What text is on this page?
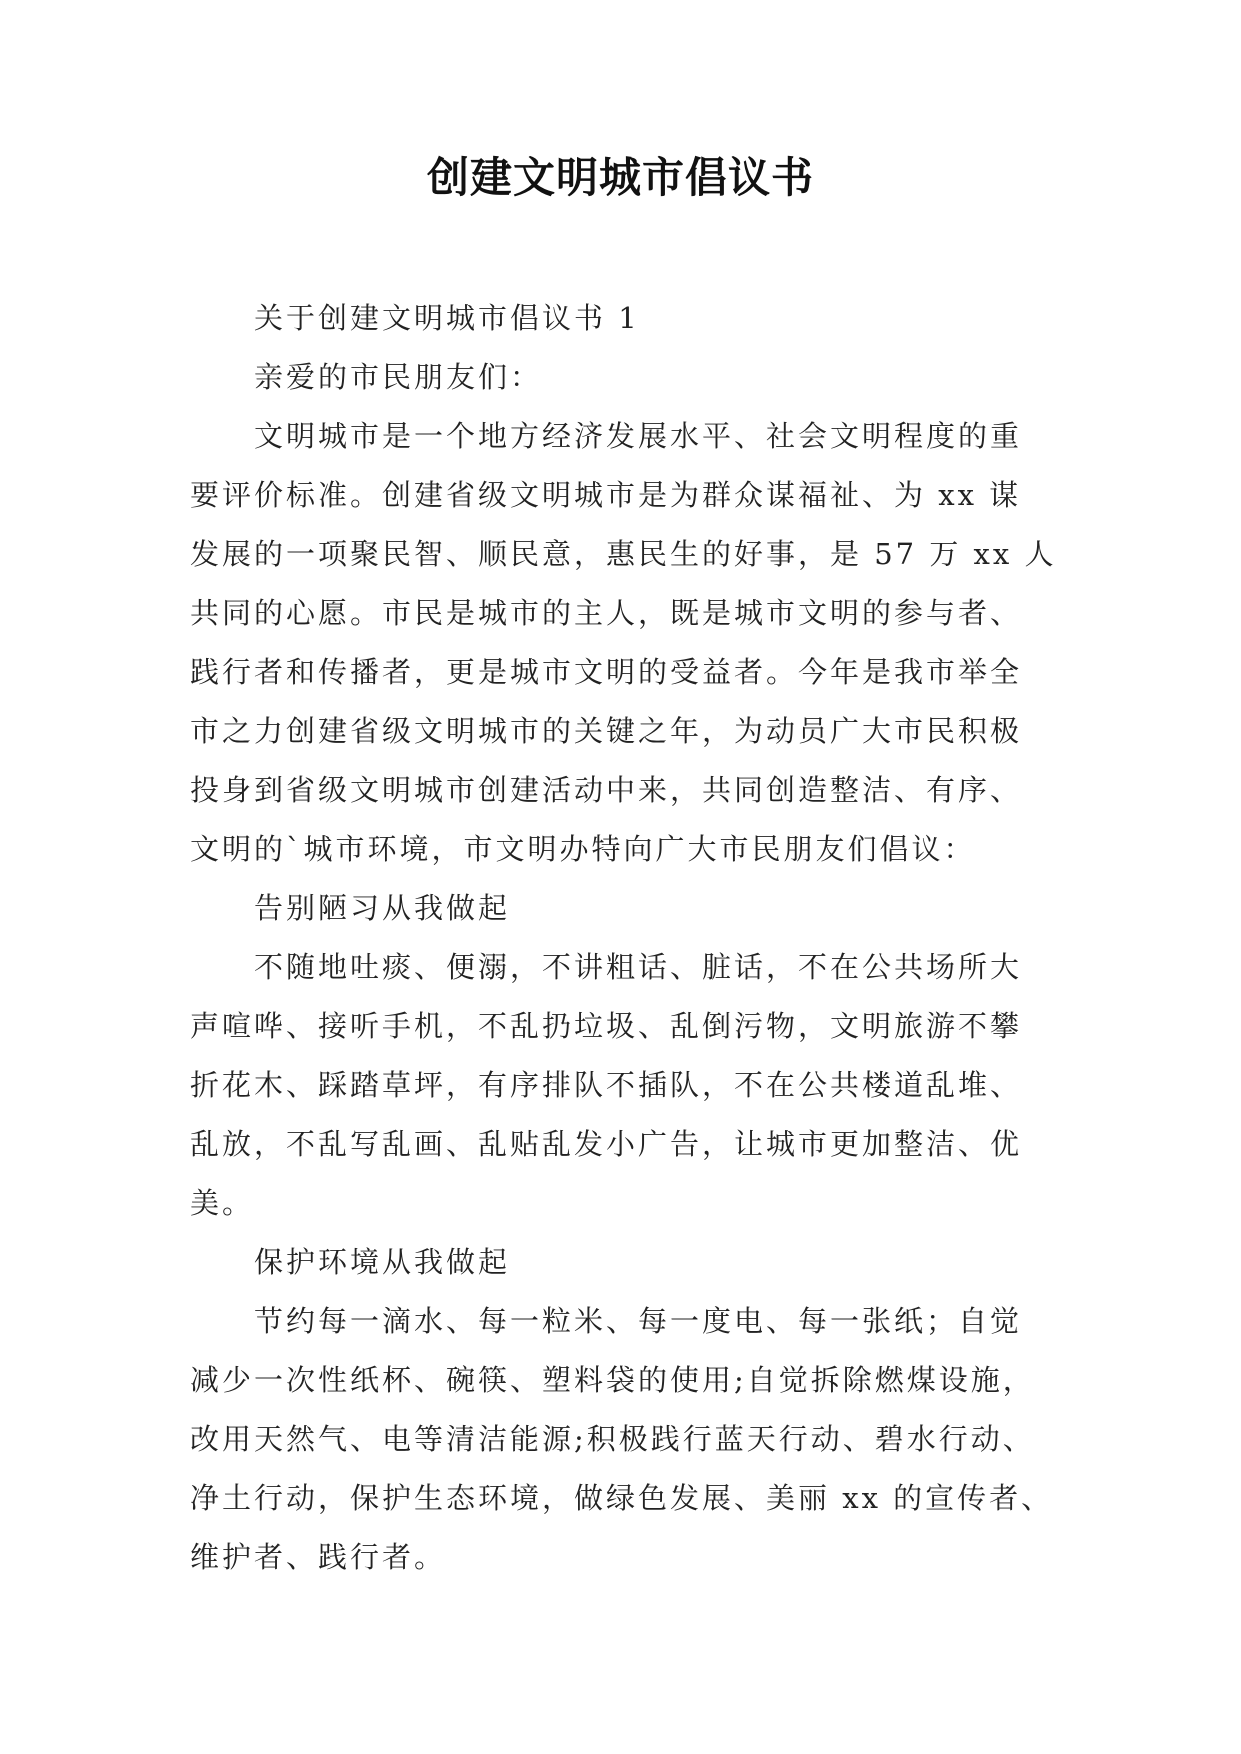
创建文明城市倡议书
关于创建文明城市倡议书 1
亲爱的市民朋友们：
文明城市是一个地方经济发展水平、社会文明程度的重
要评价标准。创建省级文明城市是为群众谋福祉、为 xx 谋
发展的一项聚民智、顺民意，惠民生的好事，是 57 万 xx 人
共同的心愿。市民是城市的主人，既是城市文明的参与者、
践行者和传播者，更是城市文明的受益者。今年是我市举全
市之力创建省级文明城市的关键之年，为动员广大市民积极
投身到省级文明城市创建活动中来，共同创造整洁、有序、
文明的`城市环境，市文明办特向广大市民朋友们倡议：
告别陋习从我做起
不随地吐痰、便溺，不讲粗话、脏话，不在公共场所大
声喧哗、接听手机，不乱扔垃圾、乱倒污物，文明旅游不攀
折花木、踩踏草坪，有序排队不插队，不在公共楼道乱堆、
乱放，不乱写乱画、乱贴乱发小广告，让城市更加整洁、优
美。
保护环境从我做起
节约每一滴水、每一粒米、每一度电、每一张纸；自觉
减少一次性纸杯、碗筷、塑料袋的使用;自觉拆除燃煤设施，
改用天然气、电等清洁能源;积极践行蓝天行动、碧水行动、
净土行动，保护生态环境，做绿色发展、美丽 xx 的宣传者、
维护者、践行者。
